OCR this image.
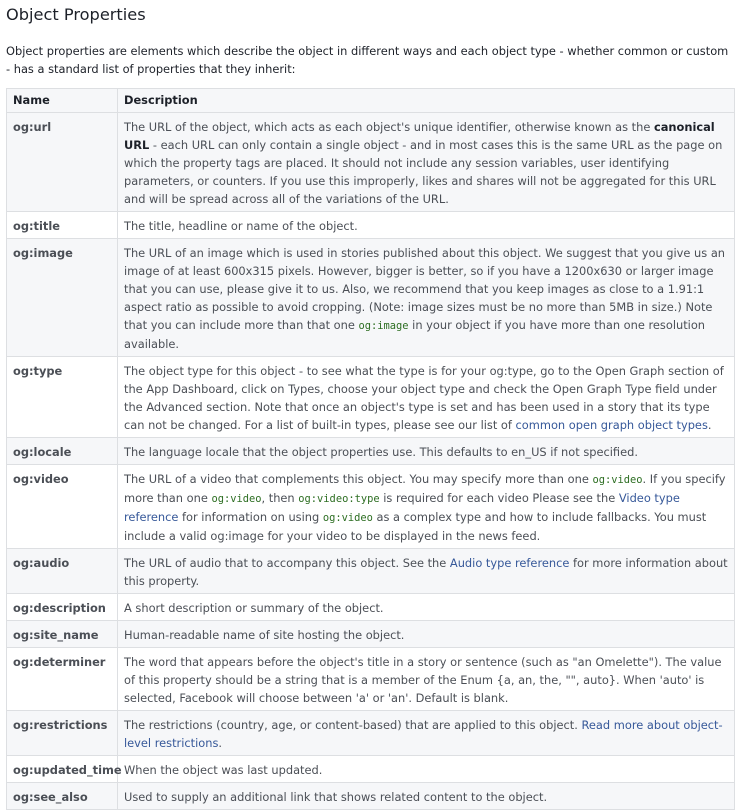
Object Properties

Object properties are elements which describe the object in different ways and each object type - whether common or custom - has a standard list of properties that they inherit:

Name	Description
og:url	The URL of the object, which acts as each object's unique identifier, otherwise known as the canonical URL - each URL can only contain a single object - and in most cases this is the same URL as the page on which the property tags are placed. It should not include any session variables, user identifying parameters, or counters. If you use this improperly, likes and shares will not be aggregated for this URL and will be spread across all of the variations of the URL.
og:title	The title, headline or name of the object.
og:image	The URL of an image which is used in stories published about this object. We suggest that you give us an image of at least 600x315 pixels. However, bigger is better, so if you have a 1200x630 or larger image that you can use, please give it to us. Also, we recommend that you keep images as close to a 1.91:1 aspect ratio as possible to avoid cropping. (Note: image sizes must be no more than 5MB in size.) Note that you can include more than that one og:image in your object if you have more than one resolution available.
og:type	The object type for this object - to see what the type is for your og:type, go to the Open Graph section of the App Dashboard, click on Types, choose your object type and check the Open Graph Type field under the Advanced section. Note that once an object's type is set and has been used in a story that its type can not be changed. For a list of built-in types, please see our list of common open graph object types.
og:locale	The language locale that the object properties use. This defaults to en_US if not specified.
og:video	The URL of a video that complements this object. You may specify more than one og:video. If you specify more than one og:video, then og:video:type is required for each video Please see the Video type reference for information on using og:video as a complex type and how to include fallbacks. You must include a valid og:image for your video to be displayed in the news feed.
og:audio	The URL of audio that to accompany this object. See the Audio type reference for more information about this property.
og:description	A short description or summary of the object.
og:site_name	Human-readable name of site hosting the object.
og:determiner	The word that appears before the object's title in a story or sentence (such as "an Omelette"). The value of this property should be a string that is a member of the Enum {a, an, the, "", auto}. When 'auto' is selected, Facebook will choose between 'a' or 'an'. Default is blank.
og:restrictions	The restrictions (country, age, or content-based) that are applied to this object. Read more about object-level restrictions.
og:updated_time	When the object was last updated.
og:see_also	Used to supply an additional link that shows related content to the object.
